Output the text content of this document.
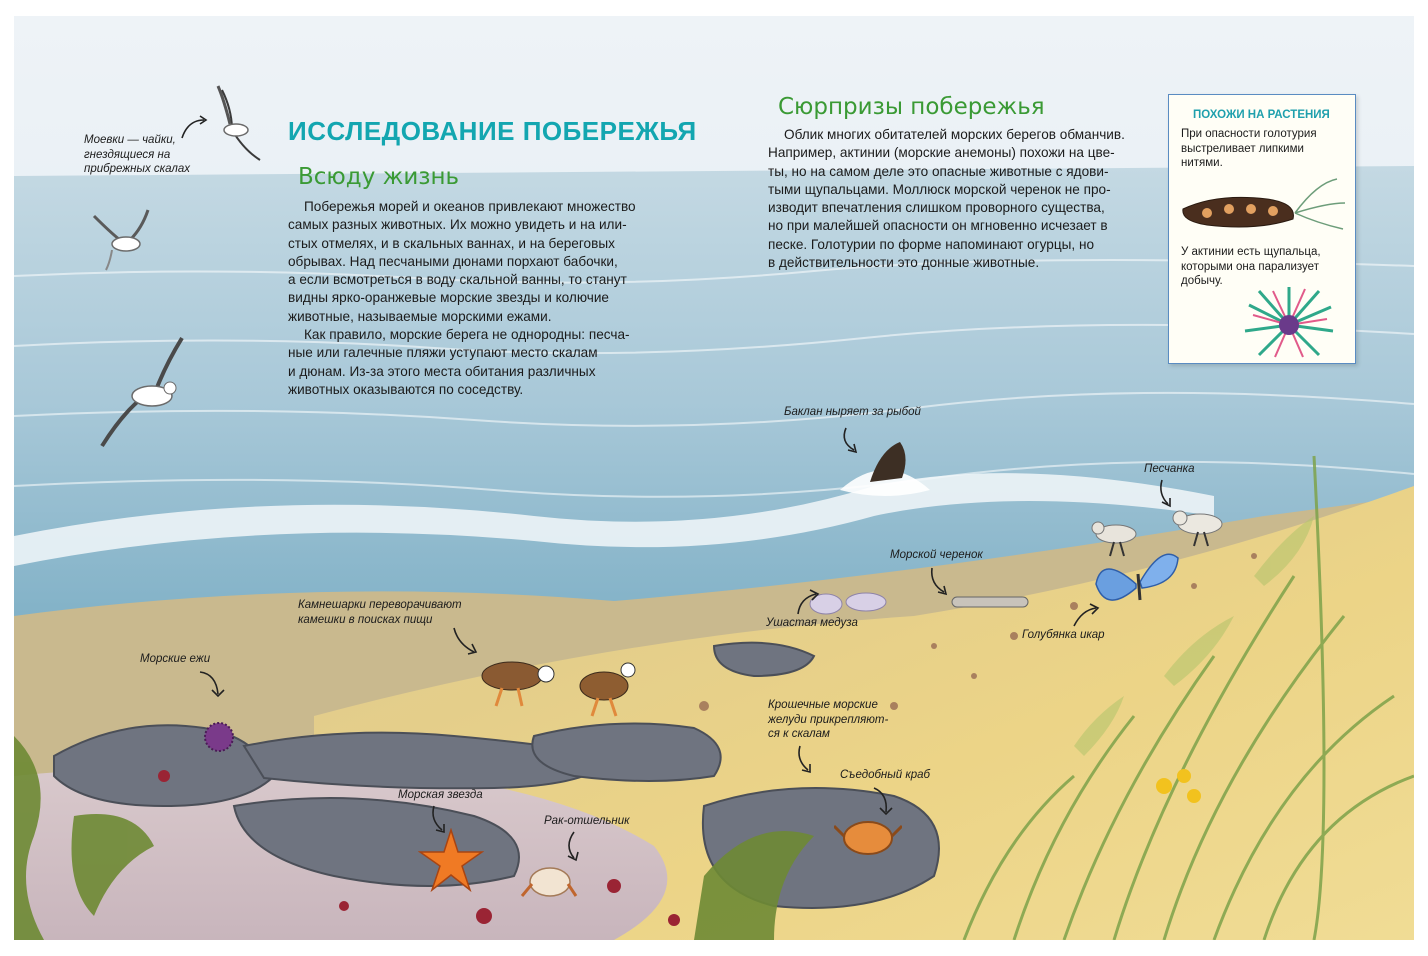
ИССЛЕДОВАНИЕ ПОБЕРЕЖЬЯ
Всюду жизнь
Побережья морей и океанов привлекают множество
самых разных животных. Их можно увидеть и на или-
стых отмелях, и в скальных ваннах, и на береговых
обрывах. Над песчаными дюнами порхают бабочки,
а если всмотреться в воду скальной ванны, то станут
видны ярко-оранжевые морские звезды и колючие
животные, называемые морскими ежами.
Как правило, морские берега не однородны: песча-
ные или галечные пляжи уступают место скалам
и дюнам. Из-за этого места обитания различных
животных оказываются по соседству.
Сюрпризы побережья
Облик многих обитателей морских берегов обманчив.
Например, актинии (морские анемоны) похожи на цве-
ты, но на самом деле это опасные животные с ядови-
тыми щупальцами. Моллюск морской черенок не про-
изводит впечатления слишком проворного существа,
но при малейшей опасности он мгновенно исчезает в
песке. Голотурии по форме напоминают огурцы, но
в действительности это донные животные.
ПОХОЖИ НА РАСТЕНИЯ
При опасности голотурия
выстреливает липкими
нитями.
У актинии есть щупальца,
которыми она парализует
добычу.
Моевки — чайки,
гнездящиеся на
прибрежных скалах
Баклан ныряет за рыбой
Песчанка
Морской черенок
Ушастая медуза
Голубянка икар
Камнешарки переворачивают
камешки в поисках пищи
Морские ежи
Крошечные морские
желуди прикрепляют-
ся к скалам
Съедобный краб
Морская звезда
Рак-отшельник
